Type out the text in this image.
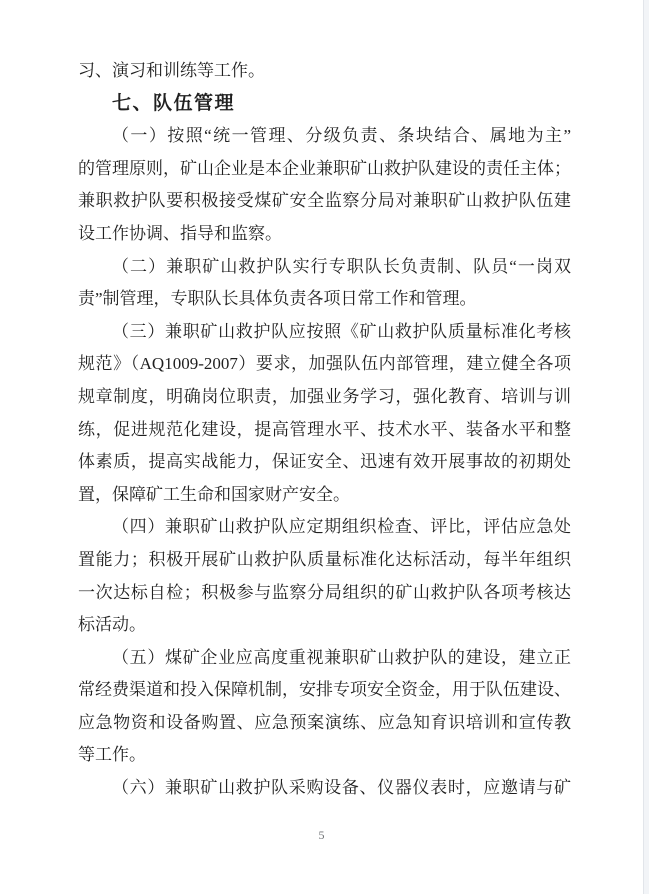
习、演习和训练等工作。
七、队伍管理
（一）按照“统一管理、分级负责、条块结合、属地为主”
的管理原则，矿山企业是本企业兼职矿山救护队建设的责任主体；
兼职救护队要积极接受煤矿安全监察分局对兼职矿山救护队伍建
设工作协调、指导和监察。
（二）兼职矿山救护队实行专职队长负责制、队员“一岗双
责”制管理，专职队长具体负责各项日常工作和管理。
（三）兼职矿山救护队应按照《矿山救护队质量标准化考核
规范》（AQ1009-2007）要求，加强队伍内部管理，建立健全各项
规章制度，明确岗位职责，加强业务学习，强化教育、培训与训
练，促进规范化建设，提高管理水平、技术水平、装备水平和整
体素质，提高实战能力，保证安全、迅速有效开展事故的初期处
置，保障矿工生命和国家财产安全。
（四）兼职矿山救护队应定期组织检查、评比，评估应急处
置能力；积极开展矿山救护队质量标准化达标活动，每半年组织
一次达标自检；积极参与监察分局组织的矿山救护队各项考核达
标活动。
（五）煤矿企业应高度重视兼职矿山救护队的建设，建立正
常经费渠道和投入保障机制，安排专项安全资金，用于队伍建设、
应急物资和设备购置、应急预案演练、应急知育识培训和宣传教
等工作。
（六）兼职矿山救护队采购设备、仪器仪表时，应邀请与矿
5
